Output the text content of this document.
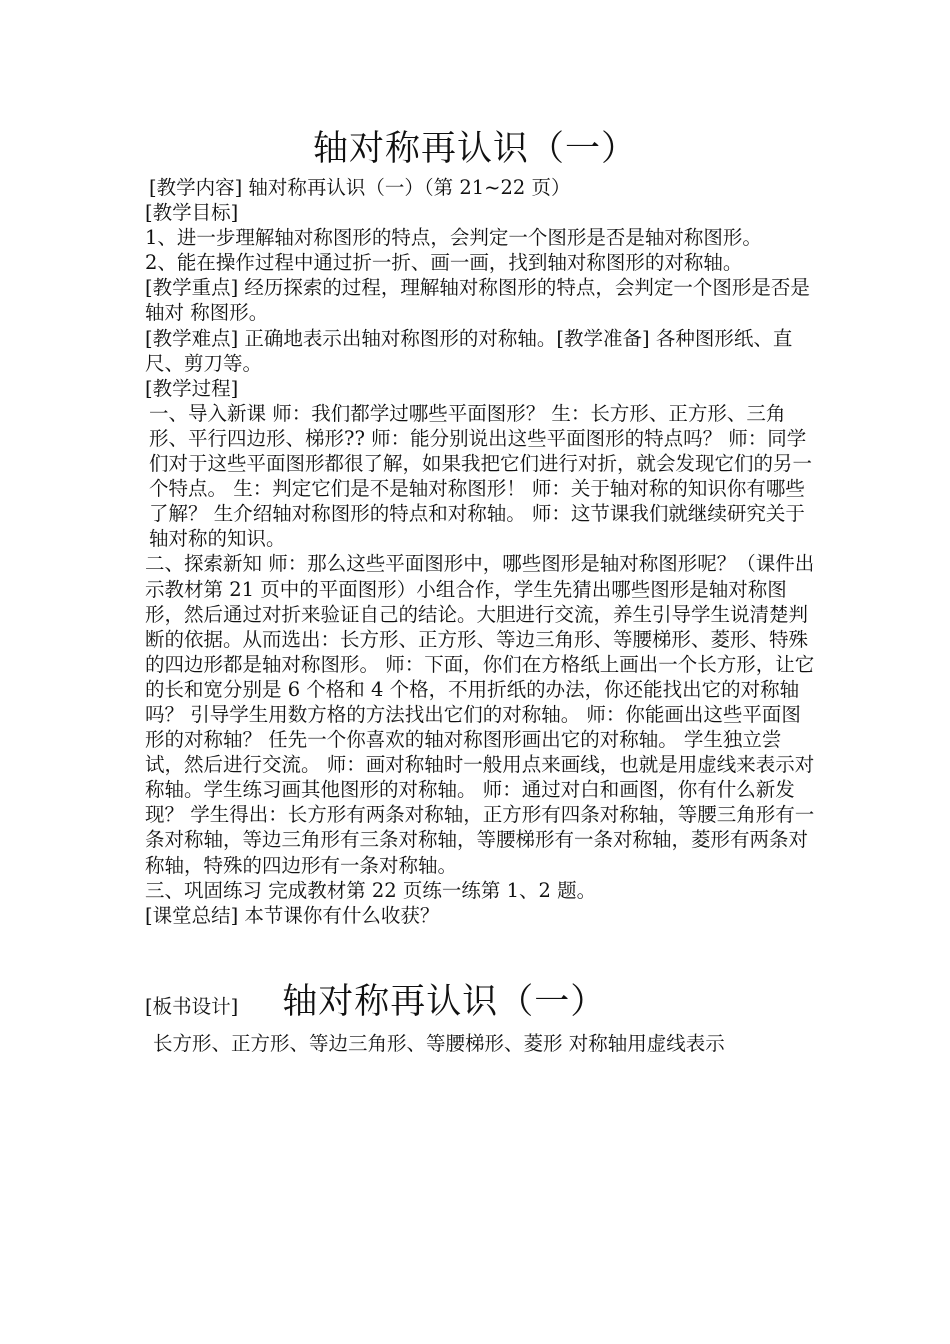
轴对称再认识（一）

[教学内容] 轴对称再认识（一）（第 21~22 页）

[教学目标]

1、进一步理解轴对称图形的特点，会判定一个图形是否是轴对称图形。

2、能在操作过程中通过折一折、画一画，找到轴对称图形的对称轴。

[教学重点] 经历探索的过程，理解轴对称图形的特点，会判定一个图形是否是轴对 称图形。

[教学难点] 正确地表示出轴对称图形的对称轴。[教学准备] 各种图形纸、直尺、剪刀等。

[教学过程]

一、导入新课 师：我们都学过哪些平面图形？ 生：长方形、正方形、三角形、平行四边形、梯形?? 师：能分别说出这些平面图形的特点吗？ 师：同学们对于这些平面图形都很了解，如果我把它们进行对折，就会发现它们的另一个特点。 生：判定它们是不是轴对称图形！ 师：关于轴对称的知识你有哪些了解？ 生介绍轴对称图形的特点和对称轴。 师：这节课我们就继续研究关于轴对称的知识。

二、探索新知 师：那么这些平面图形中，哪些图形是轴对称图形呢？（课件出示教材第 21 页中的平面图形）小组合作，学生先猜出哪些图形是轴对称图形，然后通过对折来验证自己的结论。大胆进行交流，养生引导学生说清楚判断的依据。从而选出：长方形、正方形、等边三角形、等腰梯形、菱形、特殊的四边形都是轴对称图形。 师：下面，你们在方格纸上画出一个长方形，让它的长和宽分别是 6 个格和 4 个格，不用折纸的办法，你还能找出它的对称轴吗？ 引导学生用数方格的方法找出它们的对称轴。 师：你能画出这些平面图形的对称轴？ 任先一个你喜欢的轴对称图形画出它的对称轴。 学生独立尝试，然后进行交流。 师：画对称轴时一般用点来画线，也就是用虚线来表示对称轴。学生练习画其他图形的对称轴。 师：通过对白和画图，你有什么新发现？ 学生得出：长方形有两条对称轴，正方形有四条对称轴，等腰三角形有一条对称轴，等边三角形有三条对称轴，等腰梯形有一条对称轴，菱形有两条对称轴，特殊的四边形有一条对称轴。

三、巩固练习 完成教材第 22 页练一练第 1、2 题。

[课堂总结] 本节课你有什么收获？

[板书设计] 轴对称再认识（一）
长方形、正方形、等边三角形、等腰梯形、菱形 对称轴用虚线表示
